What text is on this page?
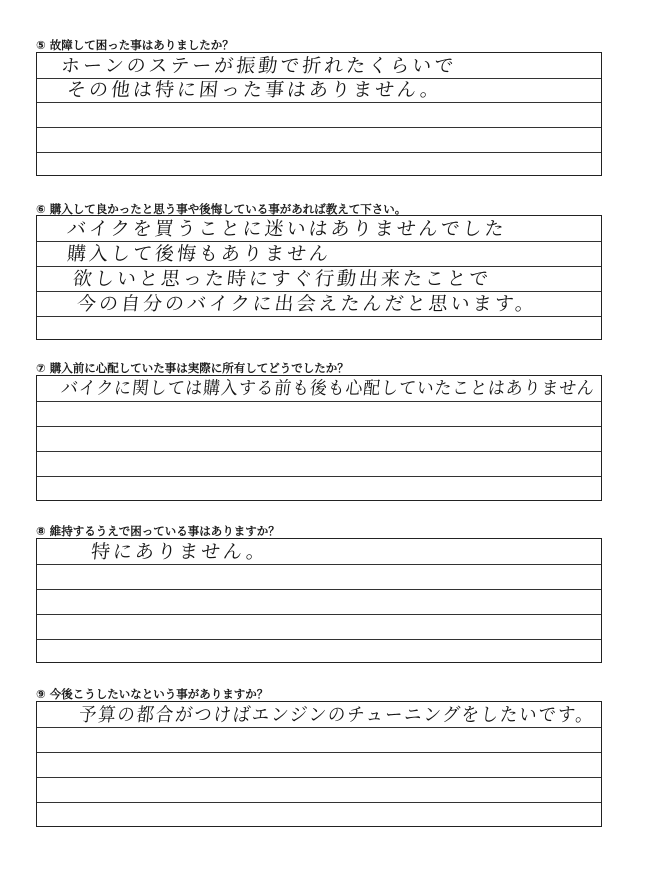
⑤ 故障して困った事はありましたか？
ホーンのステーが振動で折れたくらいで
その他は特に困った事はありません。
⑥ 購入して良かったと思う事や後悔している事があれば教えて下さい。
バイクを買うことに迷いはありませんでした
購入して後悔もありません
欲しいと思った時にすぐ行動出来たことで
今の自分のバイクに出会えたんだと思います。
⑦ 購入前に心配していた事は実際に所有してどうでしたか？
バイクに関しては購入する前も後も心配していたことはありません
⑧ 維持するうえで困っている事はありますか？
特にありません。
⑨ 今後こうしたいなという事がありますか？
予算の都合がつけばエンジンのチューニングをしたいです。
